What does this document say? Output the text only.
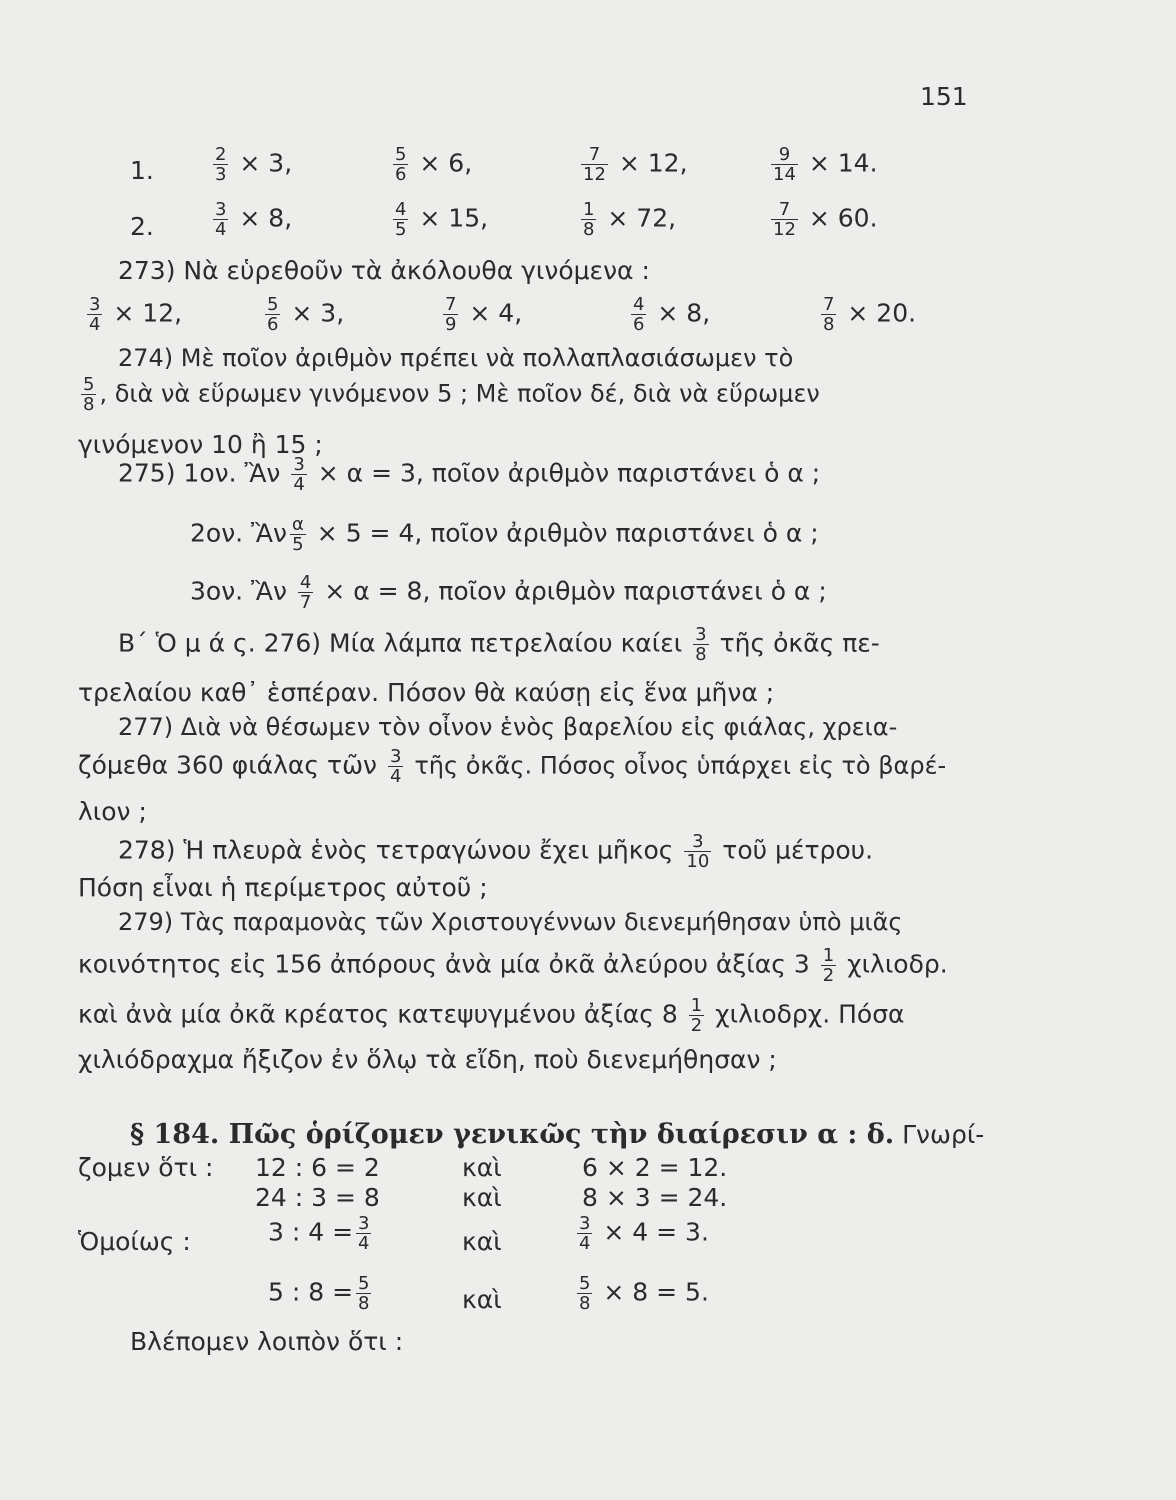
151
1.	$\frac{2}{3} \times 3$,	$\frac{5}{6} \times 6$,	$\frac{7}{12} \times 12$,	$\frac{9}{14} \times 14$.
2.	$\frac{3}{4} \times 8$,	$\frac{4}{5} \times 15$,	$\frac{1}{8} \times 72$,	$\frac{7}{12} \times 60$.
273) Νὰ εὑρεθοῦν τὰ ἀκόλουθα γινόμενα :
$\frac{3}{4} \times 12$,	$\frac{5}{6} \times 3$,	$\frac{7}{9} \times 4$,	$\frac{4}{6} \times 8$,	$\frac{7}{8} \times 20$.
274) Μὲ ποῖον ἀριθμὸν πρέπει νὰ πολλαπλασιάσωμεν τὸ
$\frac{5}{8}$ , διὰ νὰ εὕρωμεν γινόμενον 5 ; Μὲ ποῖον δέ, διὰ νὰ εὕρωμεν
γινόμενον 10 ἢ 15 ;
275) 1ον. Ἂν $\frac{3}{4} \times \alpha = 3$, ποῖον ἀριθμὸν παριστάνει ὁ α ;
2ον. Ἂν $\frac{\alpha}{5} \times 5 = 4$, ποῖον ἀριθμὸν παριστάνει ὁ α ;
3ον. Ἂν $\frac{4}{7} \times \alpha = 8$, ποῖον ἀριθμὸν παριστάνει ὁ α ;
Β΄ Ὁ μ ά ς. 276) Μία λάμπα πετρελαίου καίει $\frac{3}{8}$ τῆς ὀκᾶς πε-
τρελαίου καθ᾽ ἑσπέραν. Πόσον θὰ καύσῃ εἰς ἕνα μῆνα ;
277) Διὰ νὰ θέσωμεν τὸν οἶνον ἑνὸς βαρελίου εἰς φιάλας, χρεια-
ζόμεθα 360 φιάλας τῶν $\frac{3}{4}$ τῆς ὀκᾶς. Πόσος οἶνος ὑπάρχει εἰς τὸ βαρέ-
λιον ;
278) Ἡ πλευρὰ ἑνὸς τετραγώνου ἔχει μῆκος $\frac{3}{10}$ τοῦ μέτρου.
Πόση εἶναι ἡ περίμετρος αὐτοῦ ;
279) Τὰς παραμονὰς τῶν Χριστουγέννων διενεμήθησαν ὑπὸ μιᾶς
κοινότητος εἰς 156 ἀπόρους ἀνὰ μία ὀκᾶ ἀλεύρου ἀξίας $3 \frac{1}{2} \chi\iota\lambda\iota o\delta\rho$.
καὶ ἀνὰ μία ὀκᾶ κρέατος κατεψυγμένου ἀξίας $8 \frac{1}{2} \chi\iota\lambda\iota o\delta\rho\chi$. Πόσα
χιλιόδραχμα ἤξιζον ἐν ὅλῳ τὰ εἴδη, ποὺ διενεμήθησαν ;
§ 184. Πῶς ὁρίζομεν γενικῶς τὴν διαίρεσιν α : δ. Γνωρί-
ζομεν ὅτι : 12 : 6 = 2	καὶ	6 × 2 = 12.
24 : 3 = 8	καὶ	8 × 3 = 24.
Ὁμοίως :	3 : $4 = \frac{3}{4}$	καὶ	$\frac{3}{4} \times 4 = 3$.
5 : $8 = \frac{5}{8}$	καὶ	$\frac{5}{8} \times 8 = 5$.
Βλέπομεν λοιπὸν ὅτι :
